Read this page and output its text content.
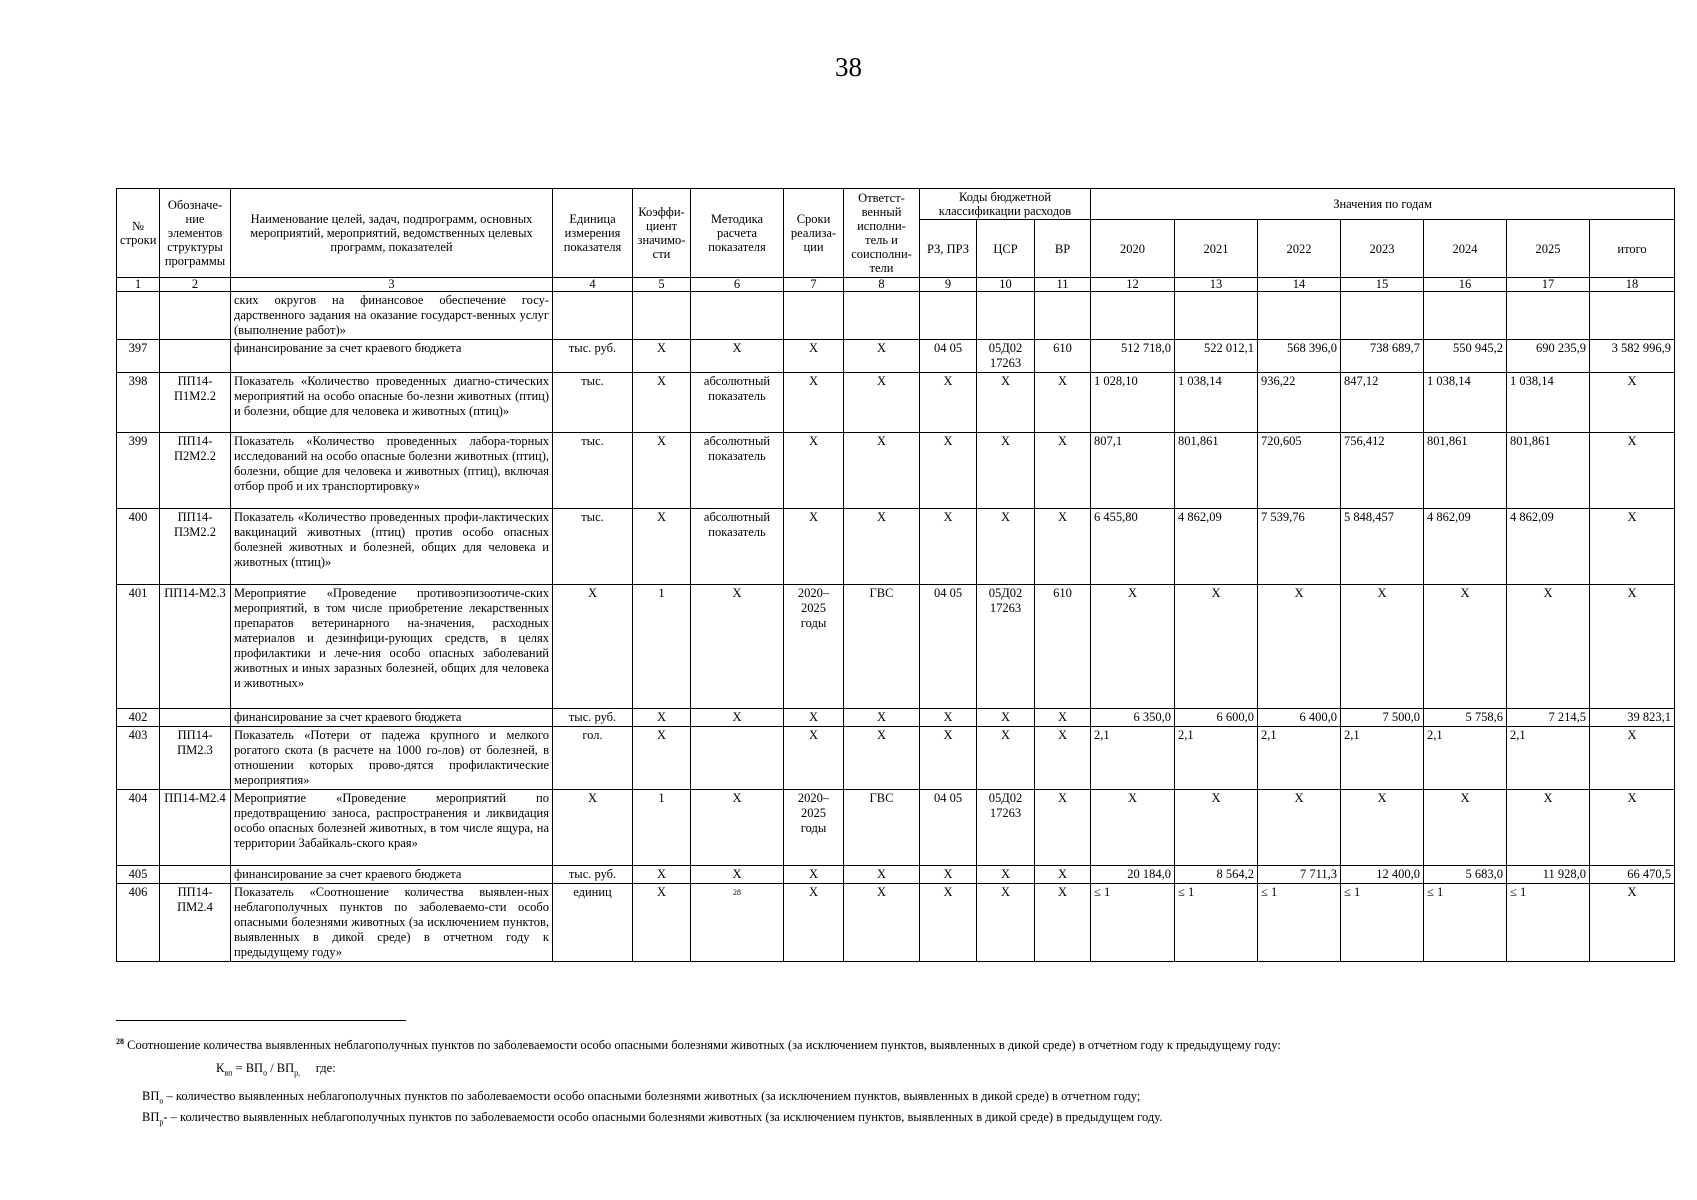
38
№ строки	Обозначе-ние элементов структуры программы	Наименование целей, задач, подпрограмм, основных мероприятий, мероприятий, ведомственных целевых программ, показателей	Единица измерения показателя	Коэффи-циент значимо-сти	Методика расчета показателя	Сроки реализа-ции	Ответст-венный исполни-тель и соисполни-тели	Коды бюджетной классификации расходов			Значения по годам						
								РЗ, ПРЗ	ЦСР	ВР	2020	2021	2022	2023	2024	2025	итого
1	2	3	4	5	6	7	8	9	10	11	12	13	14	15	16	17	18
		ских округов на финансовое обеспечение госу-дарственного задания на оказание государст-венных услуг (выполнение работ)»															
397		финансирование за счет краевого бюджета	тыс. руб.	X	X	X	X	04 05	05Д02 17263	610	512 718,0	522 012,1	568 396,0	738 689,7	550 945,2	690 235,9	3 582 996,9
398	ПП14-П1М2.2	Показатель «Количество проведенных диагно-стических мероприятий на особо опасные бо-лезни животных (птиц) и болезни, общие для человека и животных (птиц)»	тыс.	X	абсолютный показатель	X	X	X	X	X	1 028,10	1 038,14	936,22	847,12	1 038,14	1 038,14	X
399	ПП14-П2М2.2	Показатель «Количество проведенных лабора-торных исследований на особо опасные болезни животных (птиц), болезни, общие для человека и животных (птиц), включая отбор проб и их транспортировку»	тыс.	X	абсолютный показатель	X	X	X	X	X	807,1	801,861	720,605	756,412	801,861	801,861	X
400	ПП14-П3М2.2	Показатель «Количество проведенных профи-лактических вакцинаций животных (птиц) против особо опасных болезней животных и болезней, общих для человека и животных (птиц)»	тыс.	X	абсолютный показатель	X	X	X	X	X	6 455,80	4 862,09	7 539,76	5 848,457	4 862,09	4 862,09	X
401	ПП14-М2.3	Мероприятие «Проведение противоэпизоотиче-ских мероприятий, в том числе приобретение лекарственных препаратов ветеринарного на-значения, расходных материалов и дезинфици-рующих средств, в целях профилактики и лече-ния особо опасных заболеваний животных и иных заразных болезней, общих для человека и животных»	X	1	X	2020–2025 годы	ГВС	04 05	05Д02 17263	610	X	X	X	X	X	X	X
402		финансирование за счет краевого бюджета	тыс. руб.	X	X	X	X	X	X	X	6 350,0	6 600,0	6 400,0	7 500,0	5 758,6	7 214,5	39 823,1
403	ПП14-ПМ2.3	Показатель «Потери от падежа крупного и мелкого рогатого скота (в расчете на 1000 го-лов) от болезней, в отношении которых прово-дятся профилактические мероприятия»	гол.	X		X	X	X	X	X	2,1	2,1	2,1	2,1	2,1	2,1	X
404	ПП14-М2.4	Мероприятие «Проведение мероприятий по предотвращению заноса, распространения и ликвидация особо опасных болезней животных, в том числе ящура, на территории Забайкаль-ского края»	X	1	X	2020–2025 годы	ГВС	04 05	05Д02 17263	X	X	X	X	X	X	X	X
405		финансирование за счет краевого бюджета	тыс. руб.	X	X	X	X	X	X	X	20 184,0	8 564,2	7 711,3	12 400,0	5 683,0	11 928,0	66 470,5
406	ПП14-ПМ2.4	Показатель «Соотношение количества выявлен-ных неблагополучных пунктов по заболеваемо-сти особо опасными болезнями животных (за исключением пунктов, выявленных в дикой среде) в отчетном году к предыдущему году»	единиц	X	$^{28}$	X	X	X	X	X	≤ 1	≤ 1	≤ 1	≤ 1	≤ 1	≤ 1	X
$^{28}$ Соотношение количества выявленных неблагополучных пунктов по заболеваемости особо опасными болезнями животных (за исключением пунктов, выявленных в дикой среде) в отчетном году к предыдущему году:
$К_{вп} = ВП_о / ВП_{р,}$ где:
$ВП_о$ – количество выявленных неблагополучных пунктов по заболеваемости особо опасными болезнями животных (за исключением пунктов, выявленных в дикой среде) в отчетном году;
$ВП_р-$ – количество выявленных неблагополучных пунктов по заболеваемости особо опасными болезнями животных (за исключением пунктов, выявленных в дикой среде) в предыдущем году.
